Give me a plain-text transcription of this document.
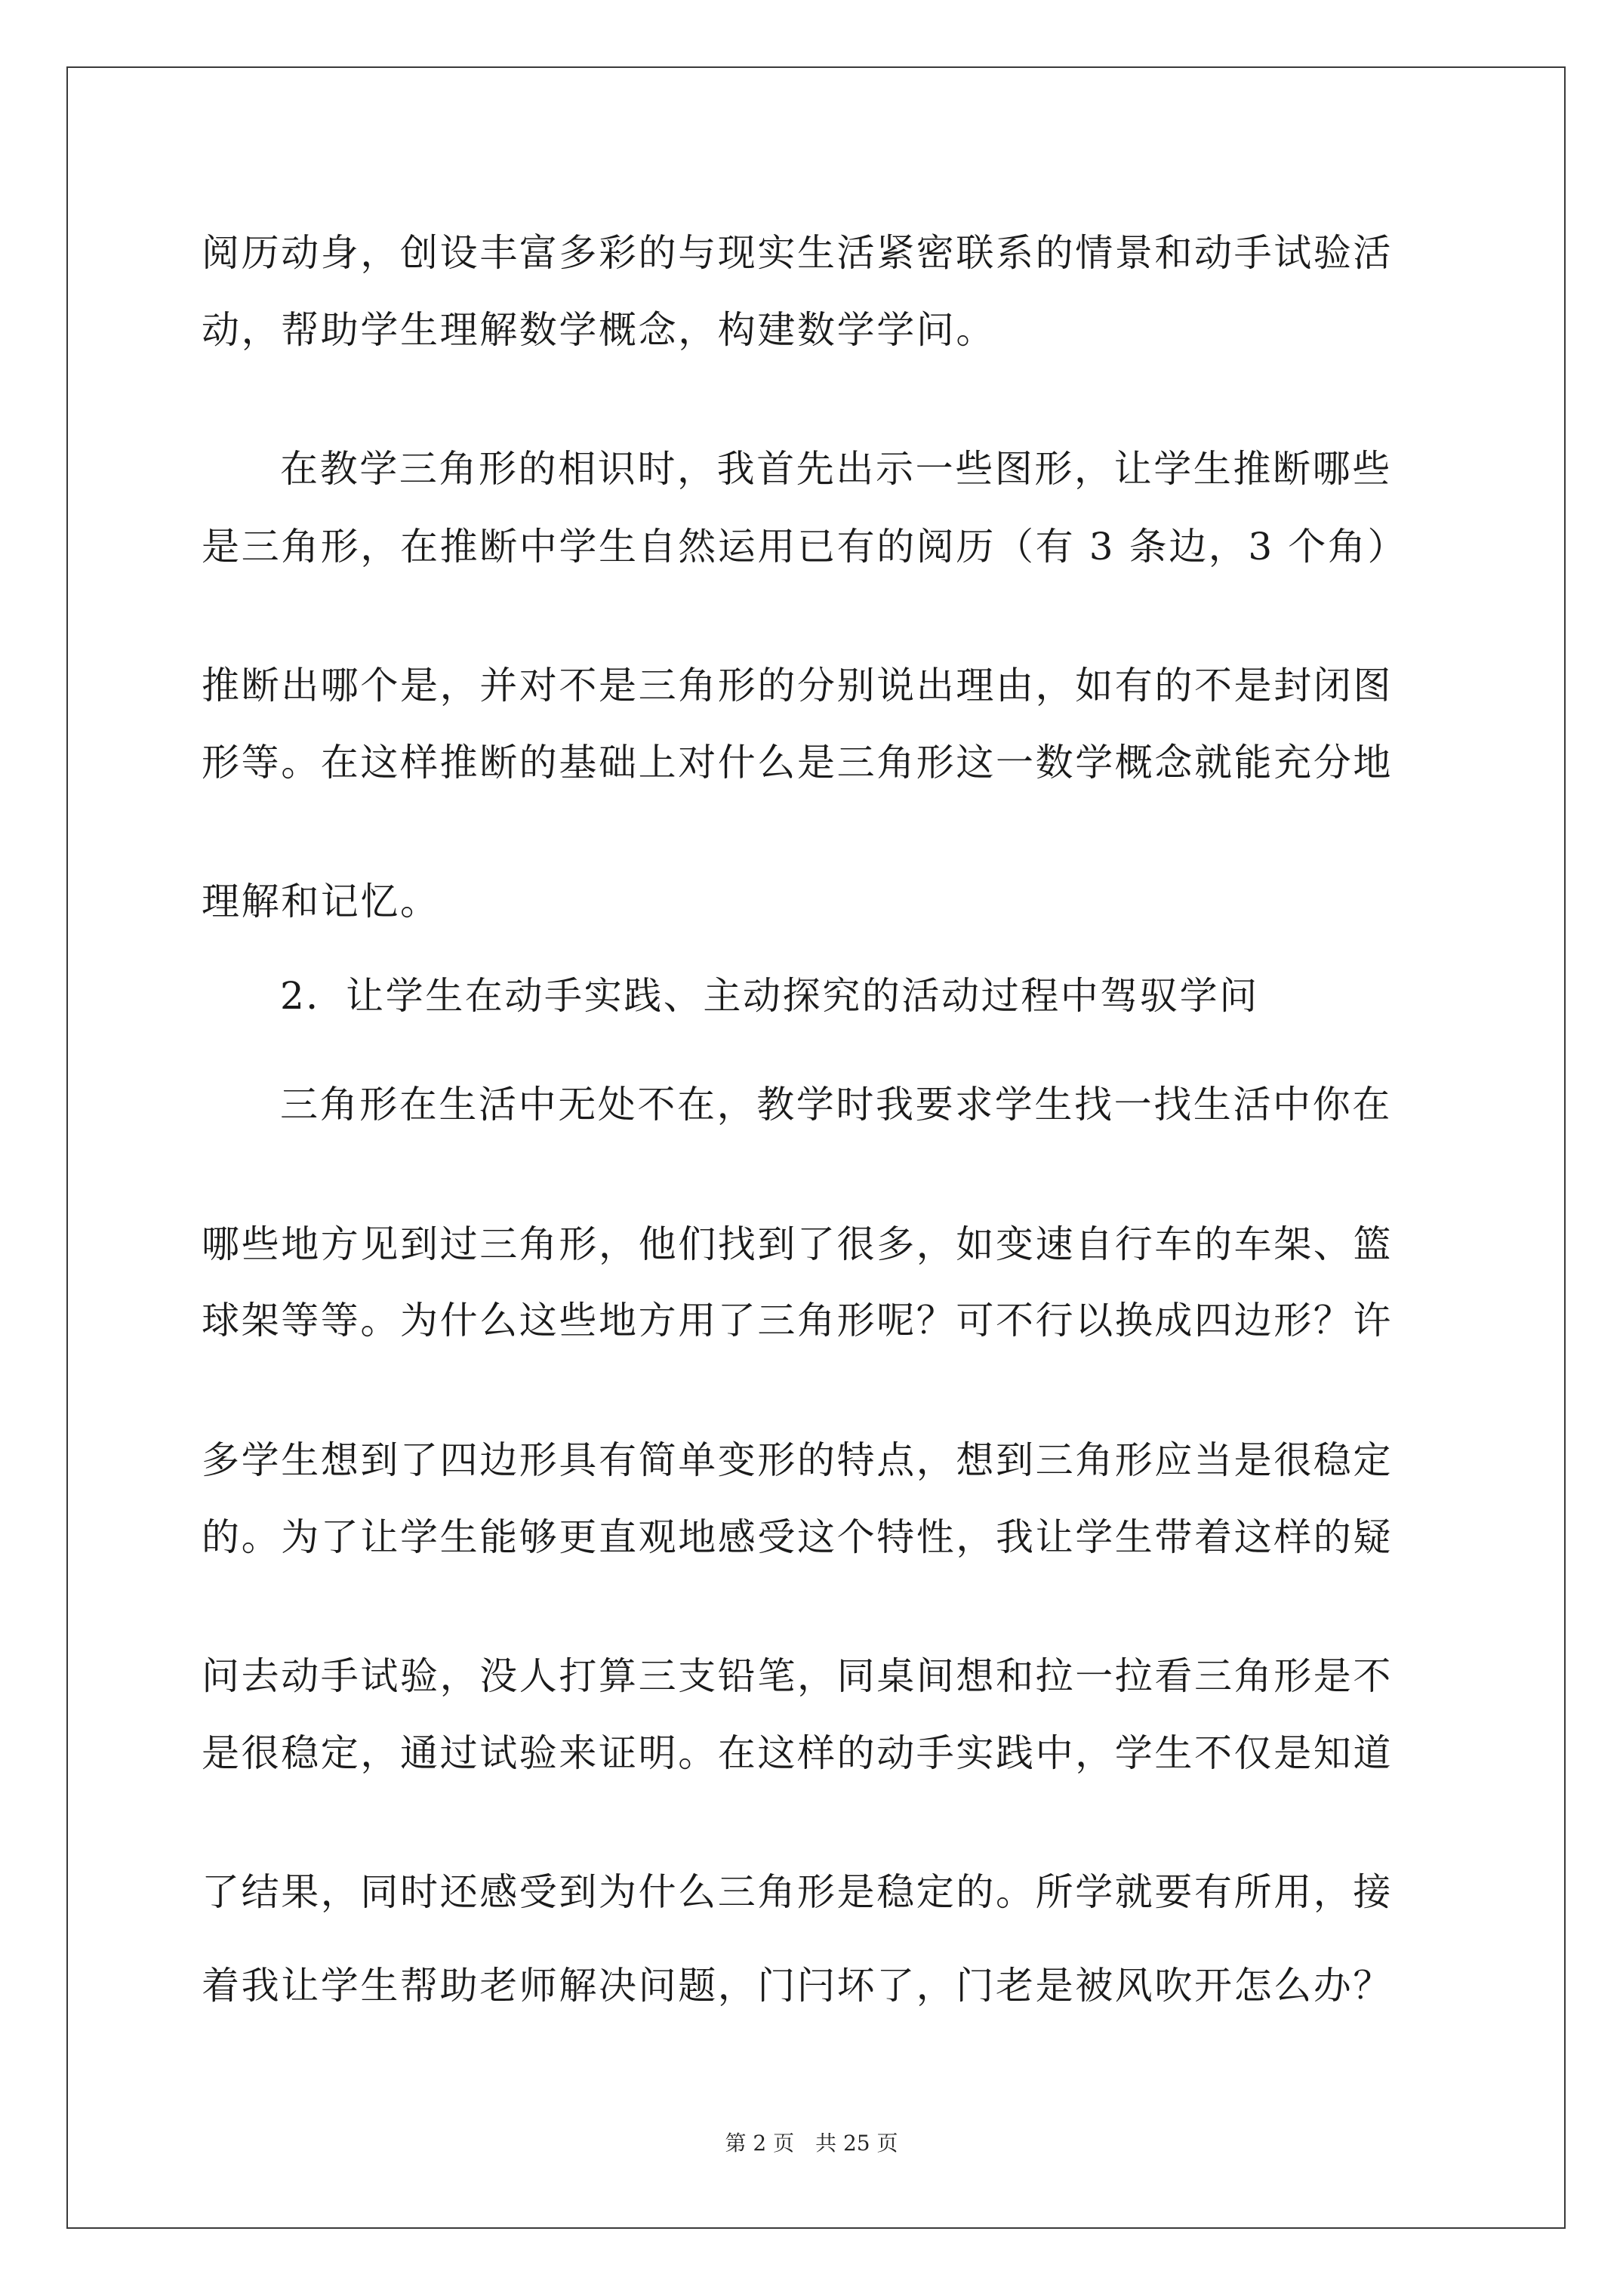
阅历动身，创设丰富多彩的与现实生活紧密联系的情景和动手试验活
动，帮助学生理解数学概念，构建数学学问。
在教学三角形的相识时，我首先出示一些图形，让学生推断哪些
是三角形，在推断中学生自然运用已有的阅历（有 3 条边，3 个角）
推断出哪个是，并对不是三角形的分别说出理由，如有的不是封闭图
形等。在这样推断的基础上对什么是三角形这一数学概念就能充分地
理解和记忆。
2．让学生在动手实践、主动探究的活动过程中驾驭学问
三角形在生活中无处不在，教学时我要求学生找一找生活中你在
哪些地方见到过三角形，他们找到了很多，如变速自行车的车架、篮
球架等等。为什么这些地方用了三角形呢？可不行以换成四边形？许
多学生想到了四边形具有简单变形的特点，想到三角形应当是很稳定
的。为了让学生能够更直观地感受这个特性，我让学生带着这样的疑
问去动手试验，没人打算三支铅笔，同桌间想和拉一拉看三角形是不
是很稳定，通过试验来证明。在这样的动手实践中，学生不仅是知道
了结果，同时还感受到为什么三角形是稳定的。所学就要有所用，接
着我让学生帮助老师解决问题，门闩坏了，门老是被风吹开怎么办？
第 2 页　共 25 页
